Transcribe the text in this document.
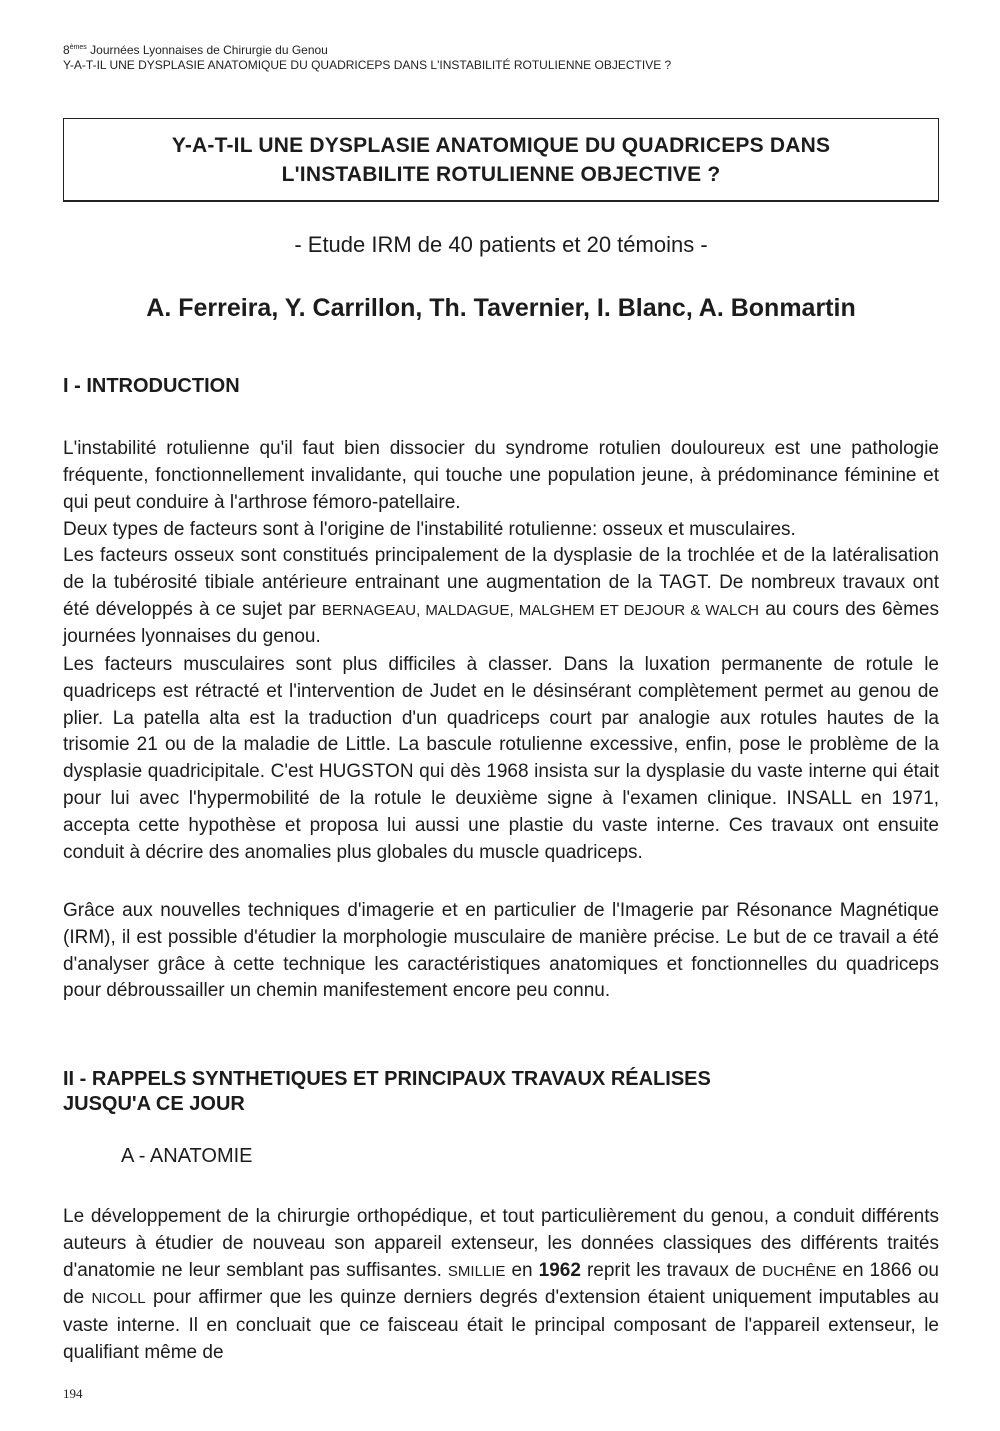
8èmes Journées Lyonnaises de Chirurgie du Genou
Y-A-T-IL UNE DYSPLASIE ANATOMIQUE DU QUADRICEPS DANS L'INSTABILITÉ ROTULIENNE OBJECTIVE ?
Y-A-T-IL UNE DYSPLASIE ANATOMIQUE DU QUADRICEPS DANS
L'INSTABILITE ROTULIENNE OBJECTIVE ?
- Etude IRM de 40 patients et 20 témoins -
A. Ferreira, Y. Carrillon, Th. Tavernier, I. Blanc, A. Bonmartin
I - INTRODUCTION

L'instabilité rotulienne qu'il faut bien dissocier du syndrome rotulien douloureux est une pathologie fréquente, fonctionnellement invalidante, qui touche une population jeune, à prédominance féminine et qui peut conduire à l'arthrose fémoro-patellaire.

Deux types de facteurs sont à l'origine de l'instabilité rotulienne: osseux et musculaires.

Les facteurs osseux sont constitués principalement de la dysplasie de la trochlée et de la latéralisation de la tubérosité tibiale antérieure entrainant une augmentation de la TAGT. De nombreux travaux ont été développés à ce sujet par BERNAGEAU, MALDAGUE, MALGHEM ET DEJOUR & WALCH au cours des 6èmes journées lyonnaises du genou.

Les facteurs musculaires sont plus difficiles à classer. Dans la luxation permanente de rotule le quadriceps est rétracté et l'intervention de Judet en le désinsérant complètement permet au genou de plier. La patella alta est la traduction d'un quadriceps court par analogie aux rotules hautes de la trisomie 21 ou de la maladie de Little. La bascule rotulienne excessive, enfin, pose le problème de la dysplasie quadricipitale. C'est HUGSTON qui dès 1968 insista sur la dysplasie du vaste interne qui était pour lui avec l'hypermobilité de la rotule le deuxième signe à l'examen clinique. INSALL en 1971, accepta cette hypothèse et proposa lui aussi une plastie du vaste interne. Ces travaux ont ensuite conduit à décrire des anomalies plus globales du muscle quadriceps.

Grâce aux nouvelles techniques d'imagerie et en particulier de l'Imagerie par Résonance Magnétique (IRM), il est possible d'étudier la morphologie musculaire de manière précise. Le but de ce travail a été d'analyser grâce à cette technique les caractéristiques anatomiques et fonctionnelles du quadriceps pour débroussailler un chemin manifestement encore peu connu.

II - RAPPELS SYNTHETIQUES ET PRINCIPAUX TRAVAUX RÉALISES
JUSQU'A CE JOUR
A - ANATOMIE

Le développement de la chirurgie orthopédique, et tout particulièrement du genou, a conduit différents auteurs à étudier de nouveau son appareil extenseur, les données classiques des différents traités d'anatomie ne leur semblant pas suffisantes. SMILLIE en 1962 reprit les travaux de DUCHÊNE en 1866 ou de NICOLL pour affirmer que les quinze derniers degrés d'extension étaient uniquement imputables au vaste interne. Il en concluait que ce faisceau était le principal composant de l'appareil extenseur, le qualifiant même de

194
